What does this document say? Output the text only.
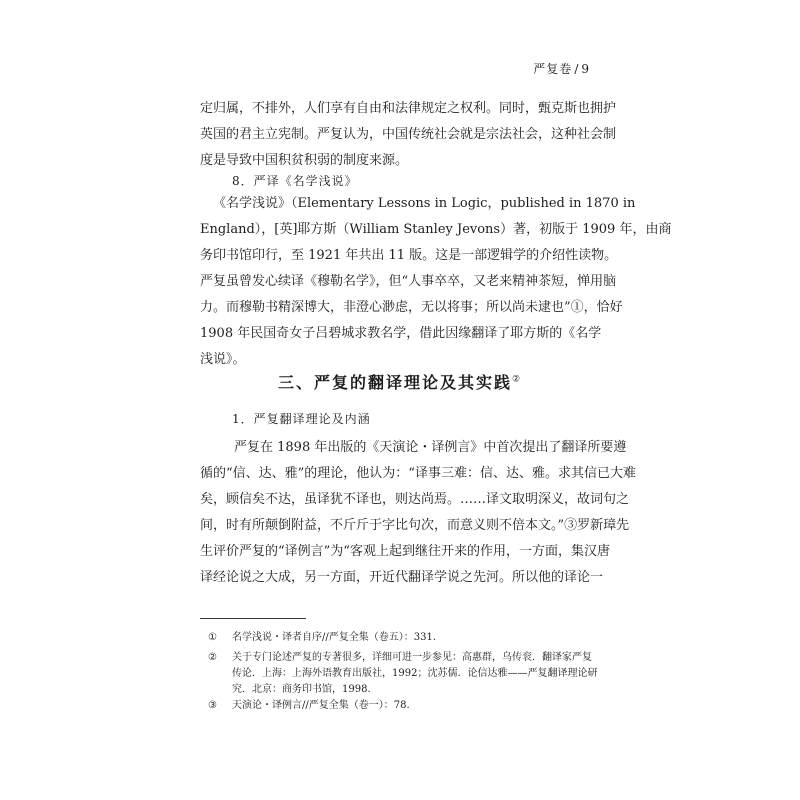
严复卷 / 9
定归属，不排外，人们享有自由和法律规定之权利。同时，甄克斯也拥护
英国的君主立宪制。严复认为，中国传统社会就是宗法社会，这种社会制
度是导致中国积贫积弱的制度来源。
8．严译《名学浅说》
《名学浅说》（Elementary Lessons in Logic，published in 1870 in
England），[英]耶方斯（William Stanley Jevons）著，初版于 1909 年，由商
务印书馆印行，至 1921 年共出 11 版。这是一部逻辑学的介绍性读物。
严复虽曾发心续译《穆勒名学》，但“人事卒卒，又老来精神茶短，惮用脑
力。而穆勒书精深博大，非澄心渺虑，无以将事；所以尚未逮也”①，恰好
1908 年民国奇女子吕碧城求教名学，借此因缘翻译了耶方斯的《名学
浅说》。
三、严复的翻译理论及其实践②
1．严复翻译理论及内涵
严复在 1898 年出版的《天演论・译例言》中首次提出了翻译所要遵
循的“信、达、雅”的理论，他认为：“译事三难：信、达、雅。求其信已大难
矣，顾信矣不达，虽译犹不译也，则达尚焉。……译文取明深义，故词句之
间，时有所颠倒附益，不斤斤于字比句次，而意义则不倍本文。”③罗新璋先
生评价严复的“译例言”为“客观上起到继往开来的作用，一方面，集汉唐
译经论说之大成，另一方面，开近代翻译学说之先河。所以他的译论一
① 名学浅说・译者自序//严复全集（卷五）：331.
② 关于专门论述严复的专著很多，详细可进一步参见：高惠群，乌传衮．翻译家严复
传论．上海：上海外语教育出版社，1992；沈苏儒．论信达雅——严复翻译理论研
究．北京：商务印书馆，1998.
③ 天演论・译例言//严复全集（卷一）：78.
